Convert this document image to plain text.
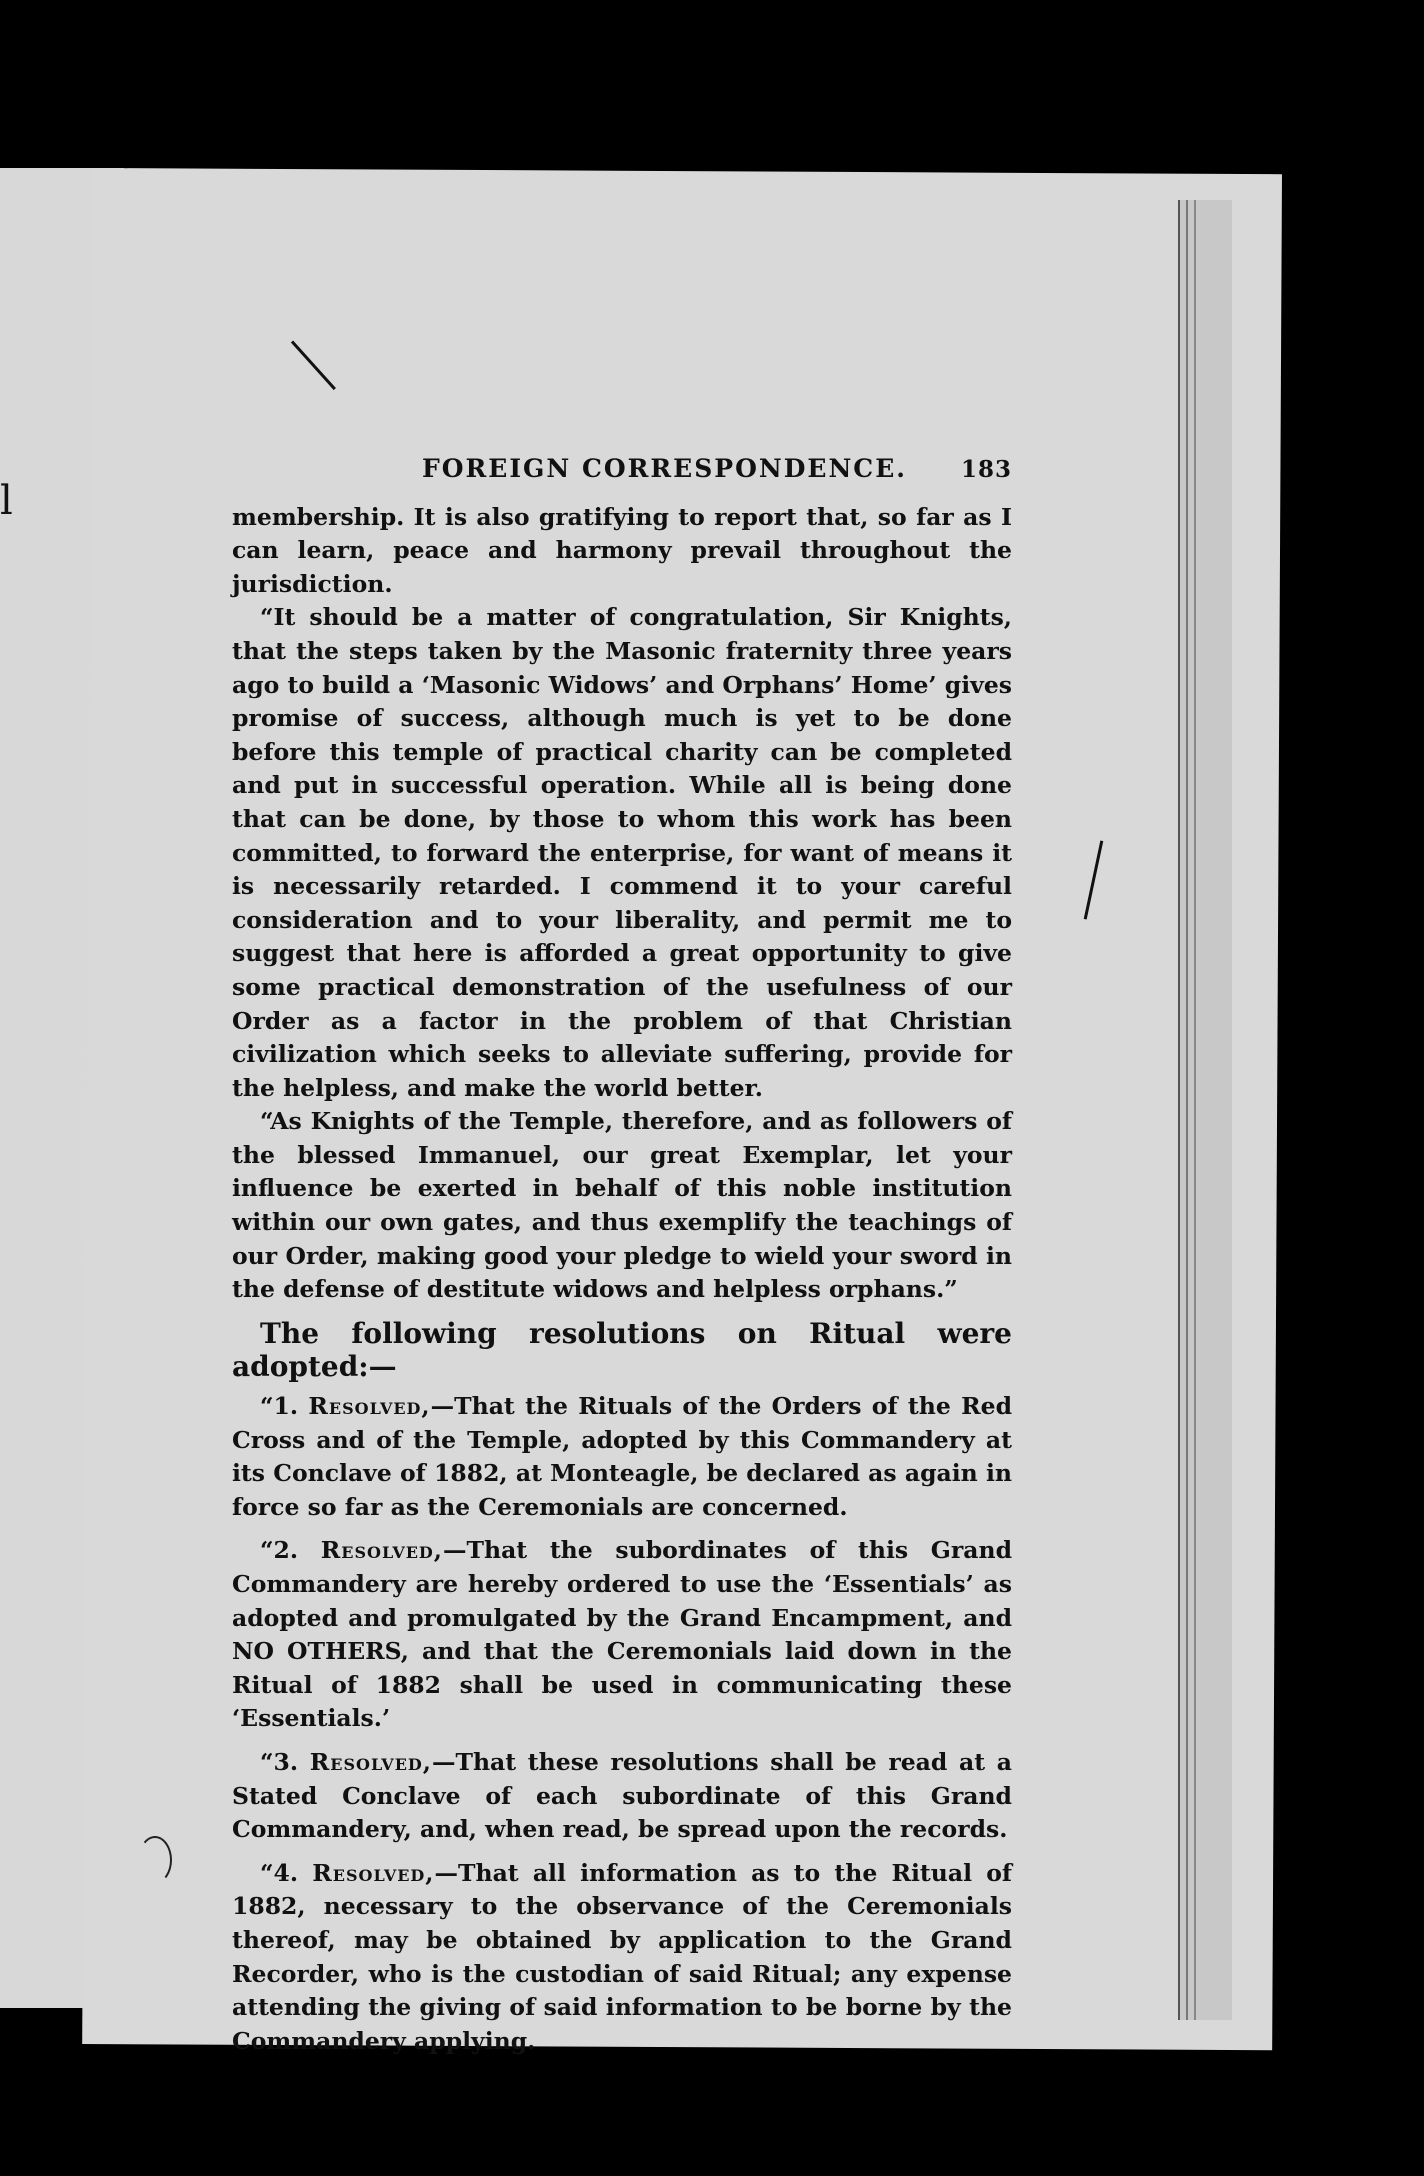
l
FOREIGN CORRESPONDENCE. 183

membership. It is also gratifying to report that, so far as I can learn, peace and harmony prevail throughout the jurisdiction.

“It should be a matter of congratulation, Sir Knights, that the steps taken by the Masonic fraternity three years ago to build a ‘Masonic Widows’ and Orphans’ Home’ gives promise of success, although much is yet to be done before this temple of practical charity can be completed and put in successful operation. While all is being done that can be done, by those to whom this work has been committed, to forward the enterprise, for want of means it is necessarily retarded. I commend it to your careful consideration and to your liberality, and permit me to suggest that here is afforded a great opportunity to give some practical demonstration of the usefulness of our Order as a factor in the problem of that Christian civilization which seeks to alleviate suffering, provide for the helpless, and make the world better.

“As Knights of the Temple, therefore, and as followers of the blessed Immanuel, our great Exemplar, let your influence be exerted in behalf of this noble institution within our own gates, and thus exemplify the teachings of our Order, making good your pledge to wield your sword in the defense of destitute widows and helpless orphans.”

The following resolutions on Ritual were adopted:—

“1. Resolved,—That the Rituals of the Orders of the Red Cross and of the Temple, adopted by this Commandery at its Conclave of 1882, at Monteagle, be declared as again in force so far as the Ceremonials are concerned.

“2. Resolved,—That the subordinates of this Grand Commandery are hereby ordered to use the ‘Essentials’ as adopted and promulgated by the Grand Encampment, and NO OTHERS, and that the Ceremonials laid down in the Ritual of 1882 shall be used in communicating these ‘Essentials.’

“3. Resolved,—That these resolutions shall be read at a Stated Conclave of each subordinate of this Grand Commandery, and, when read, be spread upon the records.

“4. Resolved,—That all information as to the Ritual of 1882, necessary to the observance of the Ceremonials thereof, may be obtained by application to the Grand Recorder, who is the custodian of said Ritual; any expense attending the giving of said information to be borne by the Commandery applying.
